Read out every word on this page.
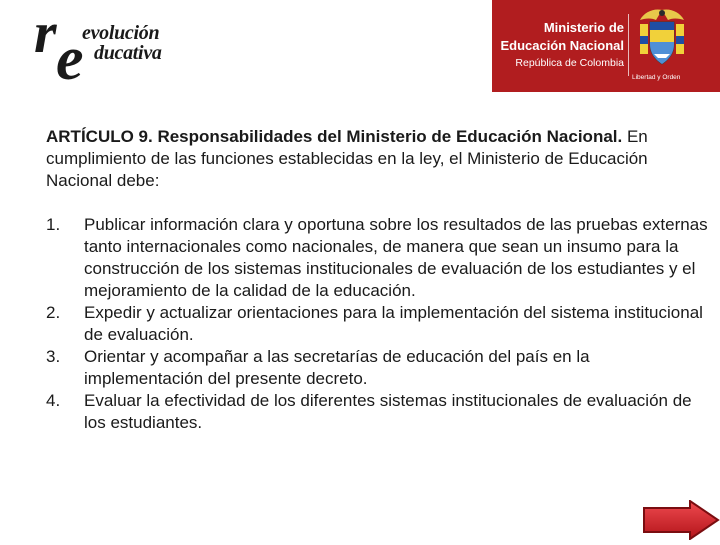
r e
evolución
ducativa
Ministerio de
Educación Nacional
República de Colombia
Libertad y Orden

ARTÍCULO 9. Responsabilidades del Ministerio de Educación Nacional. En cumplimiento de las funciones establecidas en la ley, el Ministerio de Educación Nacional debe:

1. Publicar información clara y oportuna sobre los resultados de las pruebas externas tanto internacionales como nacionales, de manera que sean un insumo para la construcción de los sistemas institucionales de evaluación de los estudiantes y el mejoramiento de la calidad de la educación.
2. Expedir y actualizar orientaciones para la implementación del sistema institucional de evaluación.
3. Orientar y acompañar a las secretarías de educación del país en la implementación del presente decreto.
4. Evaluar la efectividad de los diferentes sistemas institucionales de evaluación de los estudiantes.
